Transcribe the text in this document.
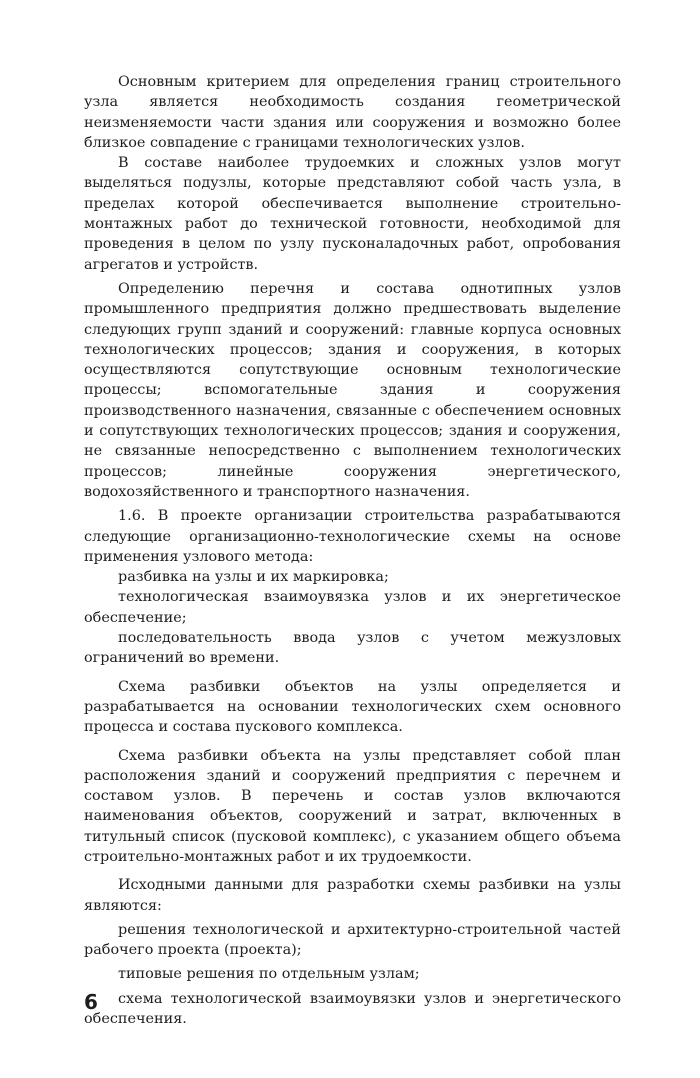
Основным критерием для определения границ строительного узла является необходимость создания геометрической неизменяемости части здания или сооружения и возможно более близкое совпадение с границами технологических узлов.

В составе наиболее трудоемких и сложных узлов могут выделяться подузлы, которые представляют собой часть узла, в пределах которой обеспечивается выполнение строительно-монтажных работ до технической готовности, необходимой для проведения в целом по узлу пусконаладочных работ, опробования агрегатов и устройств.

Определению перечня и состава однотипных узлов промышленного предприятия должно предшествовать выделение следующих групп зданий и сооружений: главные корпуса основных технологических процессов; здания и сооружения, в которых осуществляются сопутствующие основным технологические процессы; вспомогательные здания и сооружения производственного назначения, связанные с обеспечением основных и сопутствующих технологических процессов; здания и сооружения, не связанные непосредственно с выполнением технологических процессов; линейные сооружения энергетического, водохозяйственного и транспортного назначения.

1.6. В проекте организации строительства разрабатываются следующие организационно-технологические схемы на основе применения узлового метода:

разбивка на узлы и их маркировка;

технологическая взаимоувязка узлов и их энергетическое обеспечение;

последовательность ввода узлов с учетом межузловых ограничений во времени.

Схема разбивки объектов на узлы определяется и разрабатывается на основании технологических схем основного процесса и состава пускового комплекса.

Схема разбивки объекта на узлы представляет собой план расположения зданий и сооружений предприятия с перечнем и составом узлов. В перечень и состав узлов включаются наименования объектов, сооружений и затрат, включенных в титульный список (пусковой комплекс), с указанием общего объема строительно-монтажных работ и их трудоемкости.

Исходными данными для разработки схемы разбивки на узлы являются:

решения технологической и архитектурно-строительной частей рабочего проекта (проекта);

типовые решения по отдельным узлам;

схема технологической взаимоувязки узлов и энергетического обеспечения.

6
